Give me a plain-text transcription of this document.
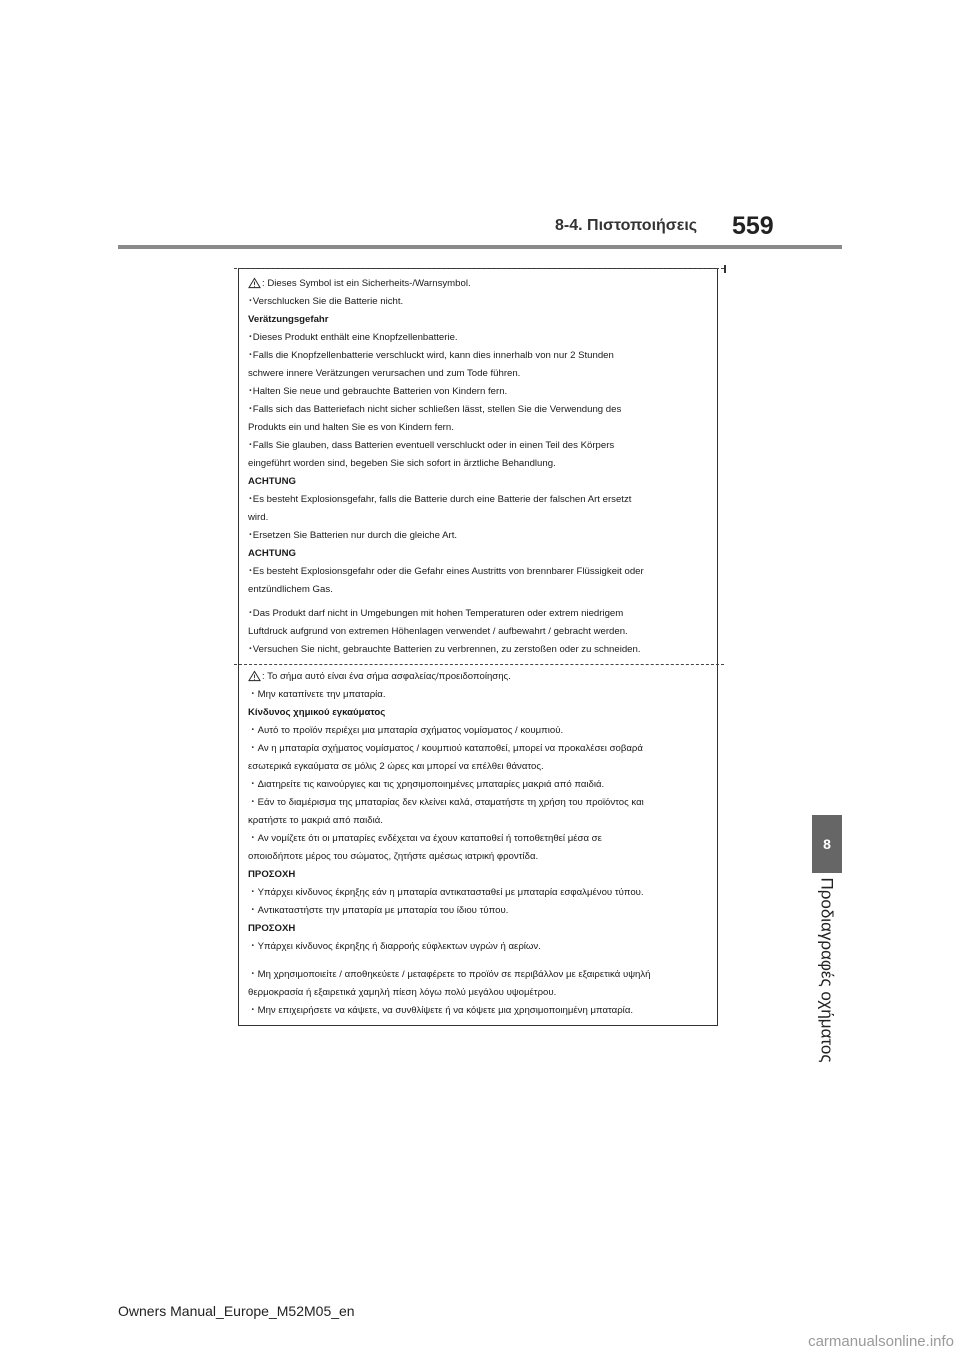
8-4. Πιστοποιήσεις 559
8
Προδιαγραφές οχήματος
: Dieses Symbol ist ein Sicherheits-/Warnsymbol.
･Verschlucken Sie die Batterie nicht.
Verätzungsgefahr
･Dieses Produkt enthält eine Knopfzellenbatterie.
･Falls die Knopfzellenbatterie verschluckt wird, kann dies innerhalb von nur 2 Stunden
schwere innere Verätzungen verursachen und zum Tode führen.
･Halten Sie neue und gebrauchte Batterien von Kindern fern.
･Falls sich das Batteriefach nicht sicher schließen lässt, stellen Sie die Verwendung des
Produkts ein und halten Sie es von Kindern fern.
･Falls Sie glauben, dass Batterien eventuell verschluckt oder in einen Teil des Körpers
eingeführt worden sind, begeben Sie sich sofort in ärztliche Behandlung.
ACHTUNG
･Es besteht Explosionsgefahr, falls die Batterie durch eine Batterie der falschen Art ersetzt
wird.
･Ersetzen Sie Batterien nur durch die gleiche Art.
ACHTUNG
･Es besteht Explosionsgefahr oder die Gefahr eines Austritts von brennbarer Flüssigkeit oder
entzündlichem Gas.
･Das Produkt darf nicht in Umgebungen mit hohen Temperaturen oder extrem niedrigem
Luftdruck aufgrund von extremen Höhenlagen verwendet / aufbewahrt / gebracht werden.
･Versuchen Sie nicht, gebrauchte Batterien zu verbrennen, zu zerstoßen oder zu schneiden.
: Το σήμα αυτό είναι ένα σήμα ασφαλείας/προειδοποίησης.
・Μην καταπίνετε την μπαταρία.
Κίνδυνος χημικού εγκαύματος
・Αυτό το προϊόν περιέχει μια μπαταρία σχήματος νομίσματος / κουμπιού.
・Αν η μπαταρία σχήματος νομίσματος / κουμπιού καταποθεί, μπορεί να προκαλέσει σοβαρά
εσωτερικά εγκαύματα σε μόλις 2 ώρες και μπορεί να επέλθει θάνατος.
・Διατηρείτε τις καινούργιες και τις χρησιμοποιημένες μπαταρίες μακριά από παιδιά.
・Εάν το διαμέρισμα της μπαταρίας δεν κλείνει καλά, σταματήστε τη χρήση του προϊόντος και
κρατήστε το μακριά από παιδιά.
・Αν νομίζετε ότι οι μπαταρίες ενδέχεται να έχουν καταποθεί ή τοποθετηθεί μέσα σε
οποιοδήποτε μέρος του σώματος, ζητήστε αμέσως ιατρική φροντίδα.
ΠΡΟΣΟΧΗ
・Υπάρχει κίνδυνος έκρηξης εάν η μπαταρία αντικατασταθεί με μπαταρία εσφαλμένου τύπου.
・Αντικαταστήστε την μπαταρία με μπαταρία του ίδιου τύπου.
ΠΡΟΣΟΧΗ
・Υπάρχει κίνδυνος έκρηξης ή διαρροής εύφλεκτων υγρών ή αερίων.
・Μη χρησιμοποιείτε / αποθηκεύετε / μεταφέρετε το προϊόν σε περιβάλλον με εξαιρετικά υψηλή
θερμοκρασία ή εξαιρετικά χαμηλή πίεση λόγω πολύ μεγάλου υψομέτρου.
・Μην επιχειρήσετε να κάψετε, να συνθλίψετε ή να κόψετε μια χρησιμοποιημένη μπαταρία.
Owners Manual_Europe_M52M05_en
carmanualsonline.info
